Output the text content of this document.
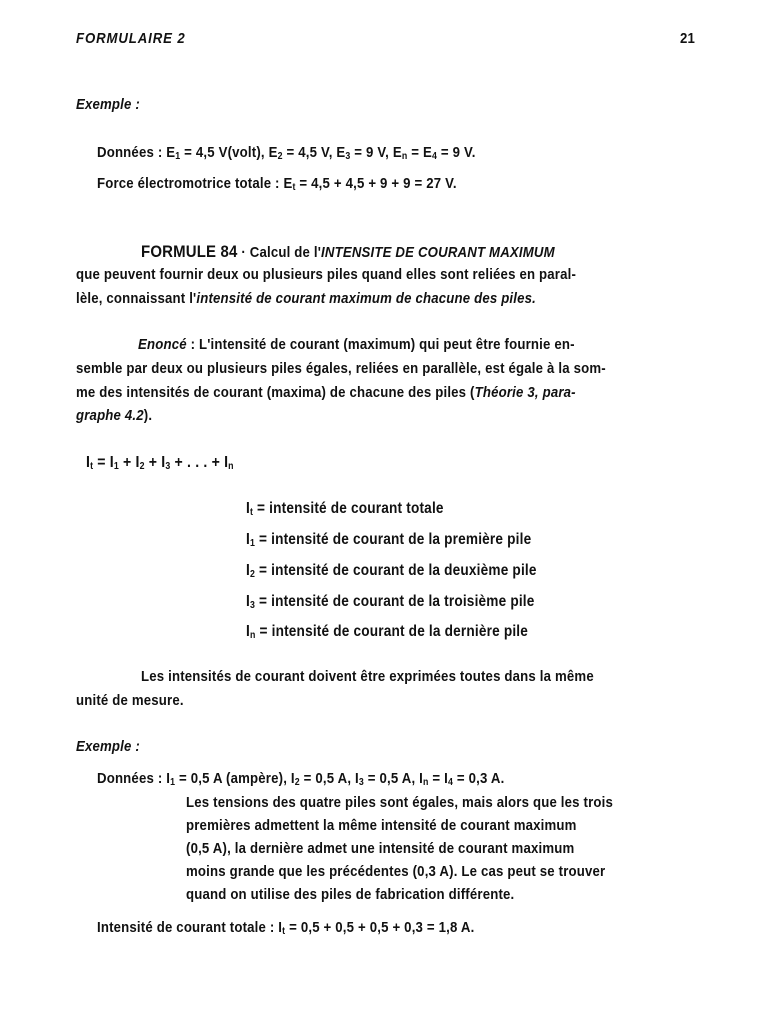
FORMULAIRE 2	21
Exemple :
Données : $E_1 = 4,5$ V(volt), $E_2 = 4,5$ V, $E_3 = 9$ V, $E_n = E_4 = 9$ V.
Force électromotrice totale : $E_t = 4,5 + 4,5 + 9 + 9 = 27$ V.
FORMULE 84 · Calcul de l'INTENSITE DE COURANT MAXIMUM
que peuvent fournir deux ou plusieurs piles quand elles sont reliées en paral-
lèle, connaissant l'intensité de courant maximum de chacune des piles.
Enoncé : L'intensité de courant (maximum) qui peut être fournie en-
semble par deux ou plusieurs piles égales, reliées en parallèle, est égale à la som-
me des intensités de courant (maxima) de chacune des piles (Théorie 3, para-
graphe 4.2).
$I_t = I_1 + I_2 + I_3$ + . . . + $I_n$
$I_t$ = intensité de courant totale
$I_1$ = intensité de courant de la première pile
$I_2$ = intensité de courant de la deuxième pile
$I_3$ = intensité de courant de la troisième pile
$I_n$ = intensité de courant de la dernière pile
Les intensités de courant doivent être exprimées toutes dans la même
unité de mesure.
Exemple :
Données : $I_1 = 0,5$ A (ampère), $I_2 = 0,5$ A, $I_3 = 0,5$ A, $I_n = I_4 = 0,3$ A.
Les tensions des quatre piles sont égales, mais alors que les trois
premières admettent la même intensité de courant maximum
(0,5 A), la dernière admet une intensité de courant maximum
moins grande que les précédentes (0,3 A). Le cas peut se trouver
quand on utilise des piles de fabrication différente.
Intensité de courant totale : $I_t = 0,5 + 0,5 + 0,5 + 0,3 = 1,8$ A.
